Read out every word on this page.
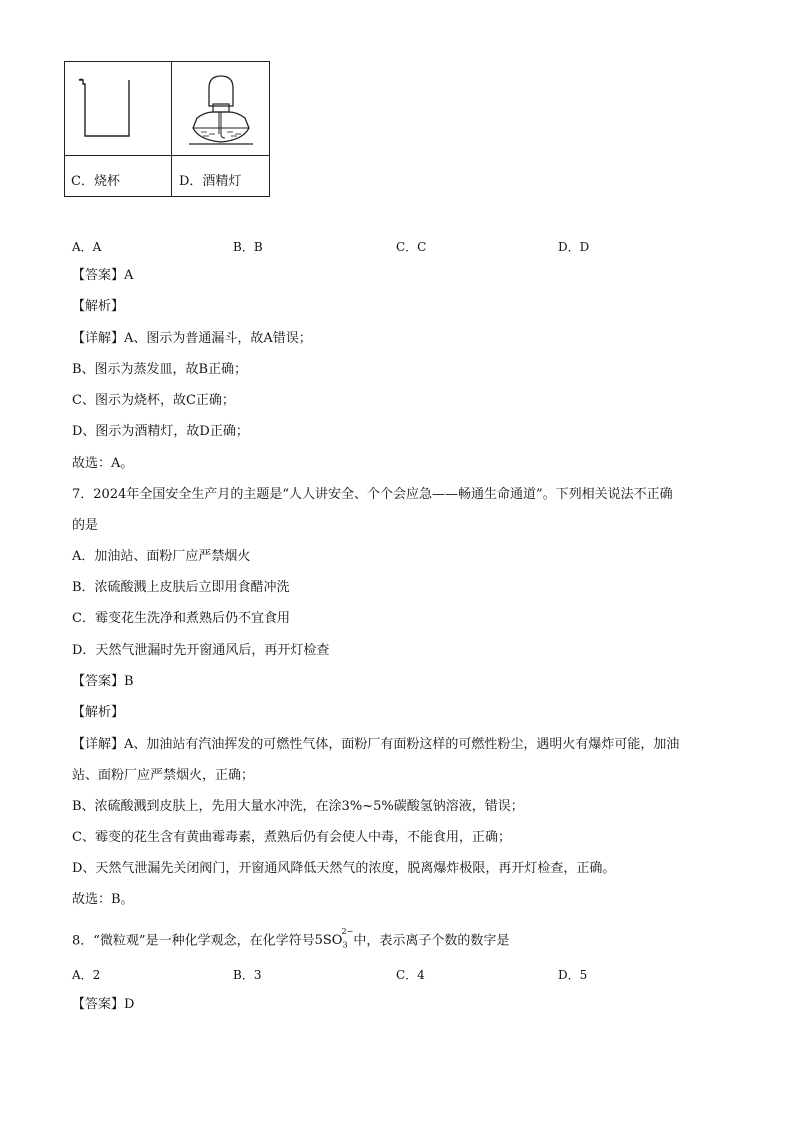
C．烧杯	D．酒精灯
A．A	B．B	C．C	D．D
【答案】A
【解析】
【详解】A、图示为普通漏斗，故A错误；
B、图示为蒸发皿，故B正确；
C、图示为烧杯，故C正确；
D、图示为酒精灯，故D正确；
故选：A。
7．2024年全国安全生产月的主题是“人人讲安全、个个会应急——畅通生命通道”。下列相关说法不正确
的是
A．加油站、面粉厂应严禁烟火
B．浓硫酸溅上皮肤后立即用食醋冲洗
C．霉变花生洗净和煮熟后仍不宜食用
D．天然气泄漏时先开窗通风后，再开灯检查
【答案】B
【解析】
【详解】A、加油站有汽油挥发的可燃性气体，面粉厂有面粉这样的可燃性粉尘，遇明火有爆炸可能，加油
站、面粉厂应严禁烟火，正确；
B、浓硫酸溅到皮肤上，先用大量水冲洗，在涂3%~5%碳酸氢钠溶液，错误；
C、霉变的花生含有黄曲霉毒素，煮熟后仍有会使人中毒，不能食用，正确；
D、天然气泄漏先关闭阀门，开窗通风降低天然气的浓度，脱离爆炸极限，再开灯检查，正确。
故选：B。
8．“微粒观”是一种化学观念，在化学符号$5SO_3^{2-}$中，表示离子个数的数字是
A．2	B．3	C．4	D．5
【答案】D
